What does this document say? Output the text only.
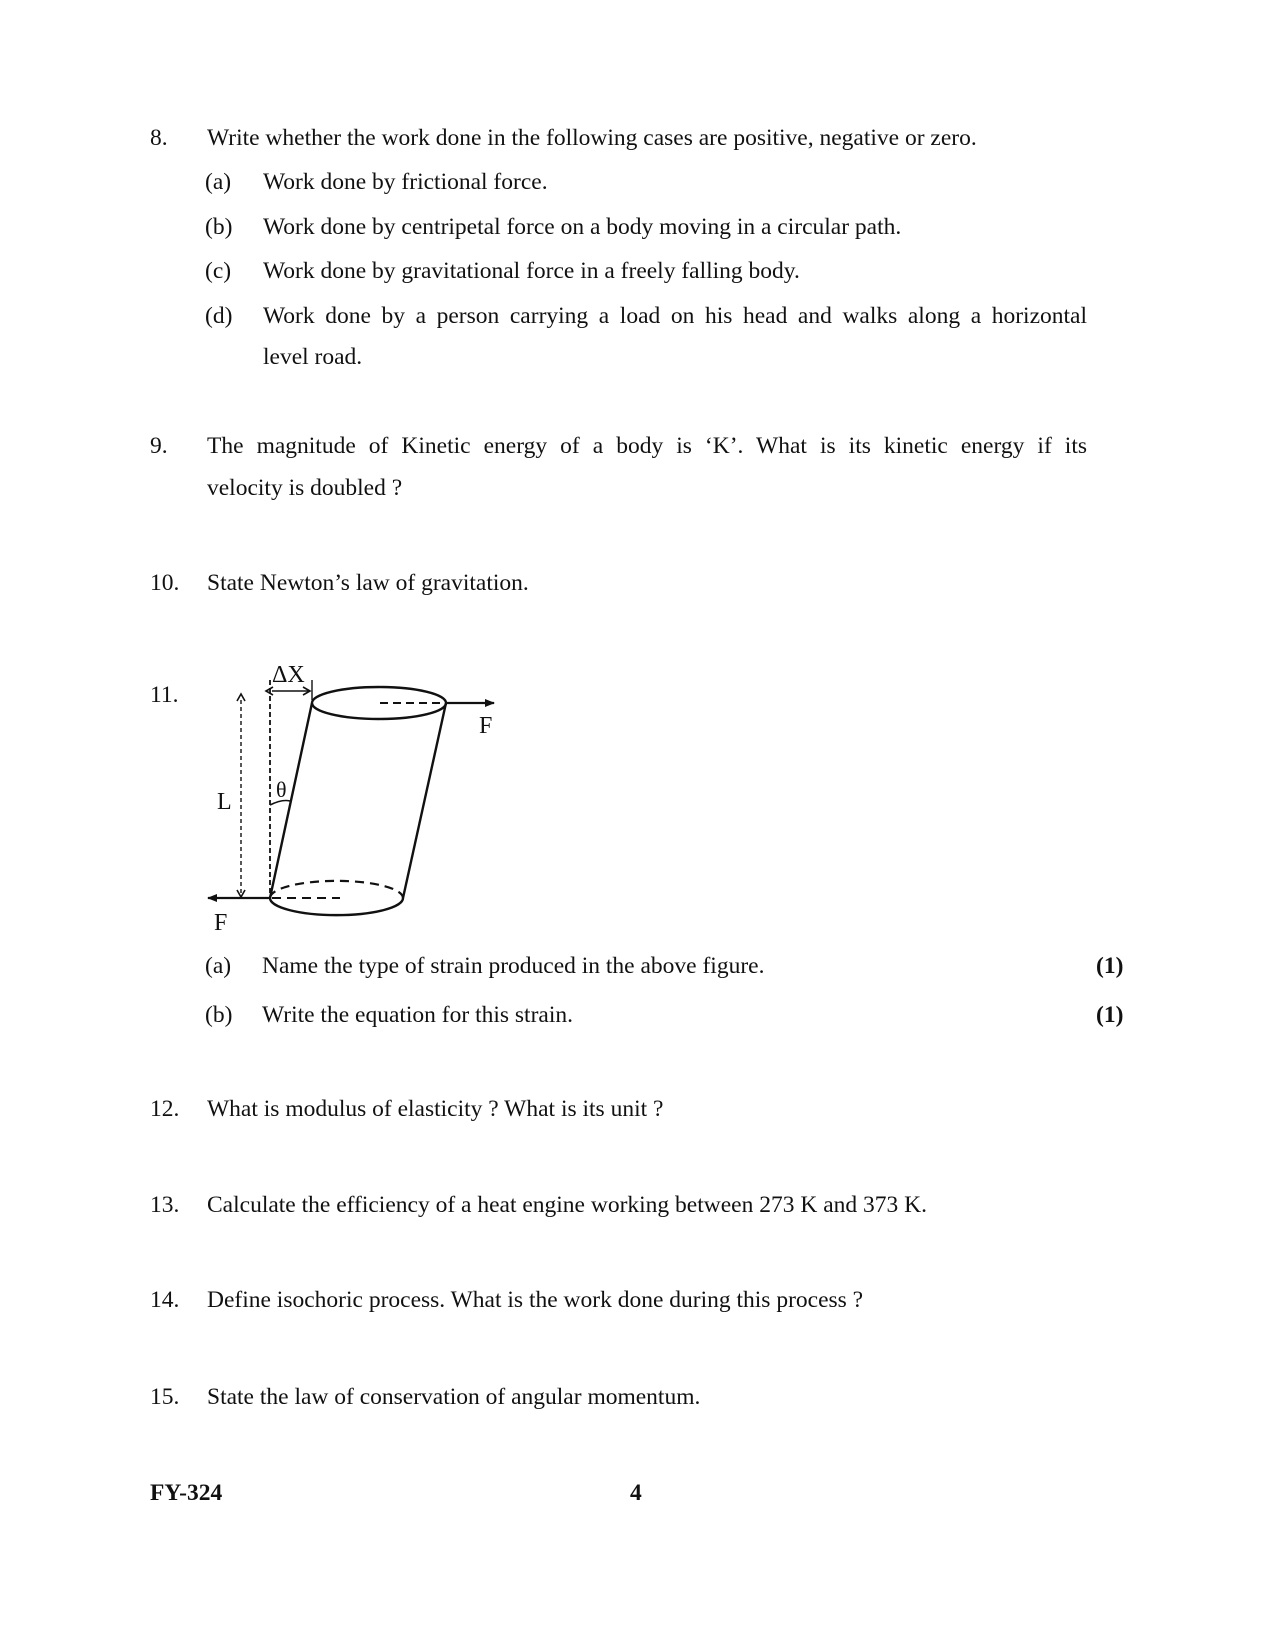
8. Write whether the work done in the following cases are positive, negative or zero.
(a) Work done by frictional force.
(b) Work done by centripetal force on a body moving in a circular path.
(c) Work done by gravitational force in a freely falling body.
(d) Work done by a person carrying a load on his head and walks along a horizontal
level road.
9. The magnitude of Kinetic energy of a body is ‘K’. What is its kinetic energy if its
velocity is doubled ?
10. State Newton’s law of gravitation.
11.
ΔX
L θ
F
F
(a) Name the type of strain produced in the above figure.	(1)
(b) Write the equation for this strain.	(1)
12. What is modulus of elasticity ? What is its unit ?
13. Calculate the efficiency of a heat engine working between 273 K and 373 K.
14. Define isochoric process. What is the work done during this process ?
15. State the law of conservation of angular momentum.
FY-324	4
